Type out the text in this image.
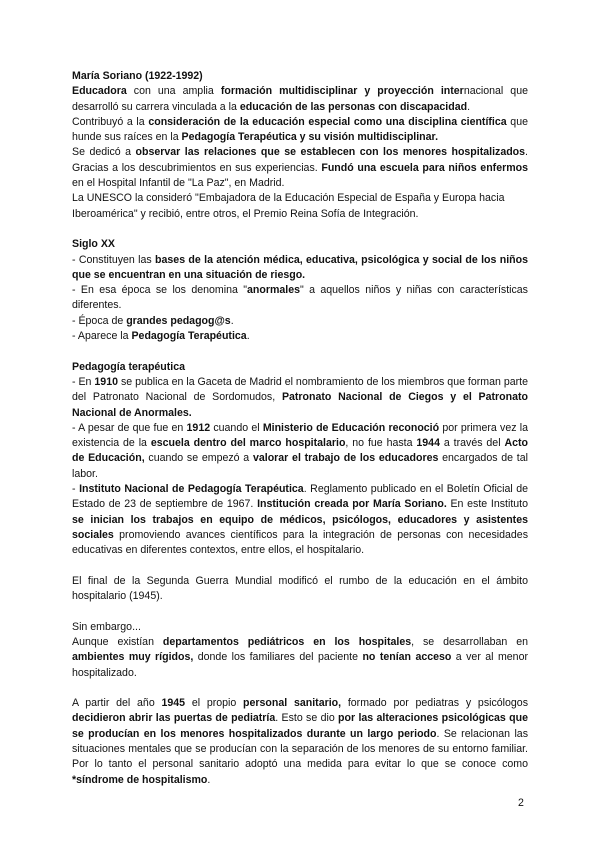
María Soriano (1922-1992)

Educadora con una amplia formación multidisciplinar y proyección internacional que desarrolló su carrera vinculada a la educación de las personas con discapacidad.

Contribuyó a la consideración de la educación especial como una disciplina científica que hunde sus raíces en la Pedagogía Terapéutica y su visión multidisciplinar.

Se dedicó a observar las relaciones que se establecen con los menores hospitalizados. Gracias a los descubrimientos en sus experiencias. Fundó una escuela para niños enfermos en el Hospital Infantil de "La Paz", en Madrid.

La UNESCO la consideró "Embajadora de la Educación Especial de España y Europa hacia Iberoamérica" y recibió, entre otros, el Premio Reina Sofía de Integración.

Siglo XX

- Constituyen las bases de la atención médica, educativa, psicológica y social de los niños que se encuentran en una situación de riesgo.

- En esa época se los denomina "anormales" a aquellos niños y niñas con características diferentes.

- Época de grandes pedagog@s.

- Aparece la Pedagogía Terapéutica.

Pedagogía terapéutica

- En 1910 se publica en la Gaceta de Madrid el nombramiento de los miembros que forman parte del Patronato Nacional de Sordomudos, Patronato Nacional de Ciegos y el Patronato Nacional de Anormales.

- A pesar de que fue en 1912 cuando el Ministerio de Educación reconoció por primera vez la existencia de la escuela dentro del marco hospitalario, no fue hasta 1944 a través del Acto de Educación, cuando se empezó a valorar el trabajo de los educadores encargados de tal labor.

- Instituto Nacional de Pedagogía Terapéutica. Reglamento publicado en el Boletín Oficial de Estado de 23 de septiembre de 1967. Institución creada por María Soriano. En este Instituto se inician los trabajos en equipo de médicos, psicólogos, educadores y asistentes sociales promoviendo avances científicos para la integración de personas con necesidades educativas en diferentes contextos, entre ellos, el hospitalario.

El final de la Segunda Guerra Mundial modificó el rumbo de la educación en el ámbito hospitalario (1945).

Sin embargo...

Aunque existían departamentos pediátricos en los hospitales, se desarrollaban en ambientes muy rígidos, donde los familiares del paciente no tenían acceso a ver al menor hospitalizado.

A partir del año 1945 el propio personal sanitario, formado por pediatras y psicólogos decidieron abrir las puertas de pediatría. Esto se dio por las alteraciones psicológicas que se producían en los menores hospitalizados durante un largo periodo. Se relacionan las situaciones mentales que se producían con la separación de los menores de su entorno familiar. Por lo tanto el personal sanitario adoptó una medida para evitar lo que se conoce como *síndrome de hospitalismo.

2
